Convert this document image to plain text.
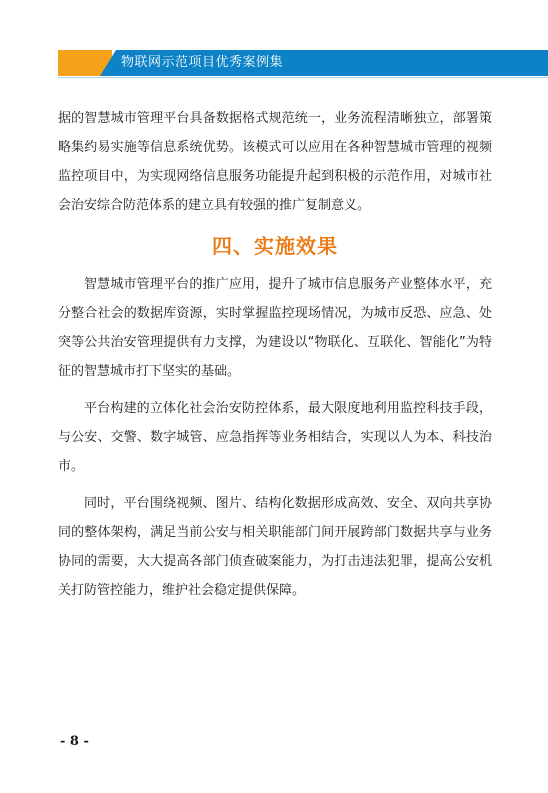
物联网示范项目优秀案例集

据的智慧城市管理平台具备数据格式规范统一，业务流程清晰独立，部署策略集约易实施等信息系统优势。该模式可以应用在各种智慧城市管理的视频监控项目中，为实现网络信息服务功能提升起到积极的示范作用，对城市社会治安综合防范体系的建立具有较强的推广复制意义。

四、实施效果

智慧城市管理平台的推广应用，提升了城市信息服务产业整体水平，充分整合社会的数据库资源，实时掌握监控现场情况，为城市反恐、应急、处突等公共治安管理提供有力支撑，为建设以“物联化、互联化、智能化”为特征的智慧城市打下坚实的基础。

平台构建的立体化社会治安防控体系，最大限度地利用监控科技手段，与公安、交警、数字城管、应急指挥等业务相结合，实现以人为本、科技治市。

同时，平台围绕视频、图片、结构化数据形成高效、安全、双向共享协同的整体架构，满足当前公安与相关职能部门间开展跨部门数据共享与业务协同的需要，大大提高各部门侦查破案能力，为打击违法犯罪，提高公安机关打防管控能力，维护社会稳定提供保障。

- 8 -
